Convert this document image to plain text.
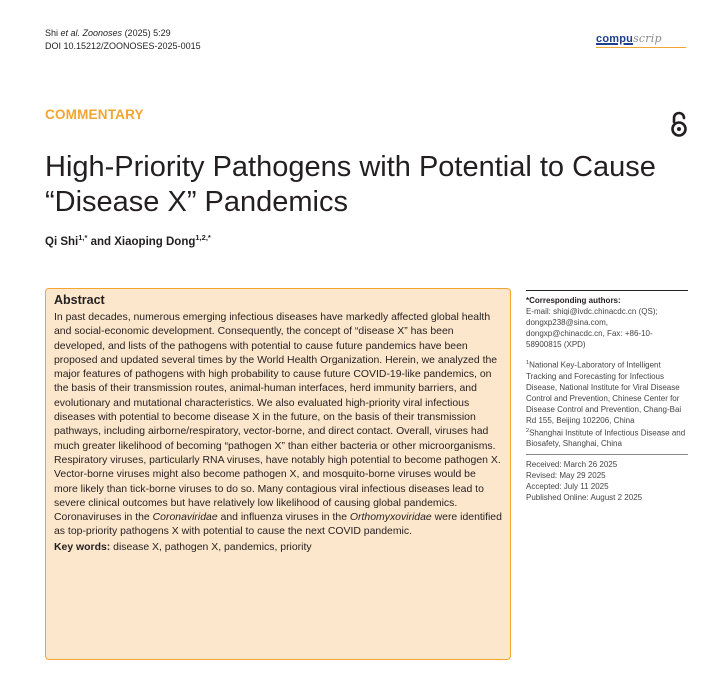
Shi et al. Zoonoses (2025) 5:29
DOI 10.15212/ZOONOSES-2025-0015
compuscrip
COMMENTARY
High-Priority Pathogens with Potential to Cause “Disease X” Pandemics
Qi Shi$^{1,*}$ and Xiaoping Dong$^{1,2,*}$
Abstract

In past decades, numerous emerging infectious diseases have markedly affected global health and social-economic development. Consequently, the concept of “disease X” has been developed, and lists of the pathogens with potential to cause future pandemics have been proposed and updated several times by the World Health Organization. Herein, we analyzed the major features of pathogens with high probability to cause future COVID-19-like pandemics, on the basis of their transmission routes, animal-human interfaces, herd immunity barriers, and evolutionary and mutational characteristics. We also evaluated high-priority viral infectious diseases with potential to become disease X in the future, on the basis of their transmission pathways, including airborne/respiratory, vector-borne, and direct contact. Overall, viruses had much greater likelihood of becoming “pathogen X” than either bacteria or other microorganisms. Respiratory viruses, particularly RNA viruses, have notably high potential to become pathogen X. Vector-borne viruses might also become pathogen X, and mosquito-borne viruses would be more likely than tick-borne viruses to do so. Many contagious viral infectious diseases lead to severe clinical outcomes but have relatively low likelihood of causing global pandemics. Coronaviruses in the Coronaviridae and influenza viruses in the Orthomyxoviridae were identified as top-priority pathogens X with potential to cause the next COVID pandemic.

Key words: disease X, pathogen X, pandemics, priority

*Corresponding authors:

E-mail: shiqi@ivdc.chinacdc.cn (QS); dongxp238@sina.com, dongxp@chinacdc.cn, Fax: +86-10-58900815 (XPD)

$^1$National Key-Laboratory of Intelligent Tracking and Forecasting for Infectious Disease, National Institute for Viral Disease Control and Prevention, Chinese Center for Disease Control and Prevention, Chang-Bai Rd 155, Beijing 102206, China

$^2$Shanghai Institute of Infectious Disease and Biosafety, Shanghai, China

Received: March 26 2025

Revised: May 29 2025

Accepted: July 11 2025

Published Online: August 2 2025
